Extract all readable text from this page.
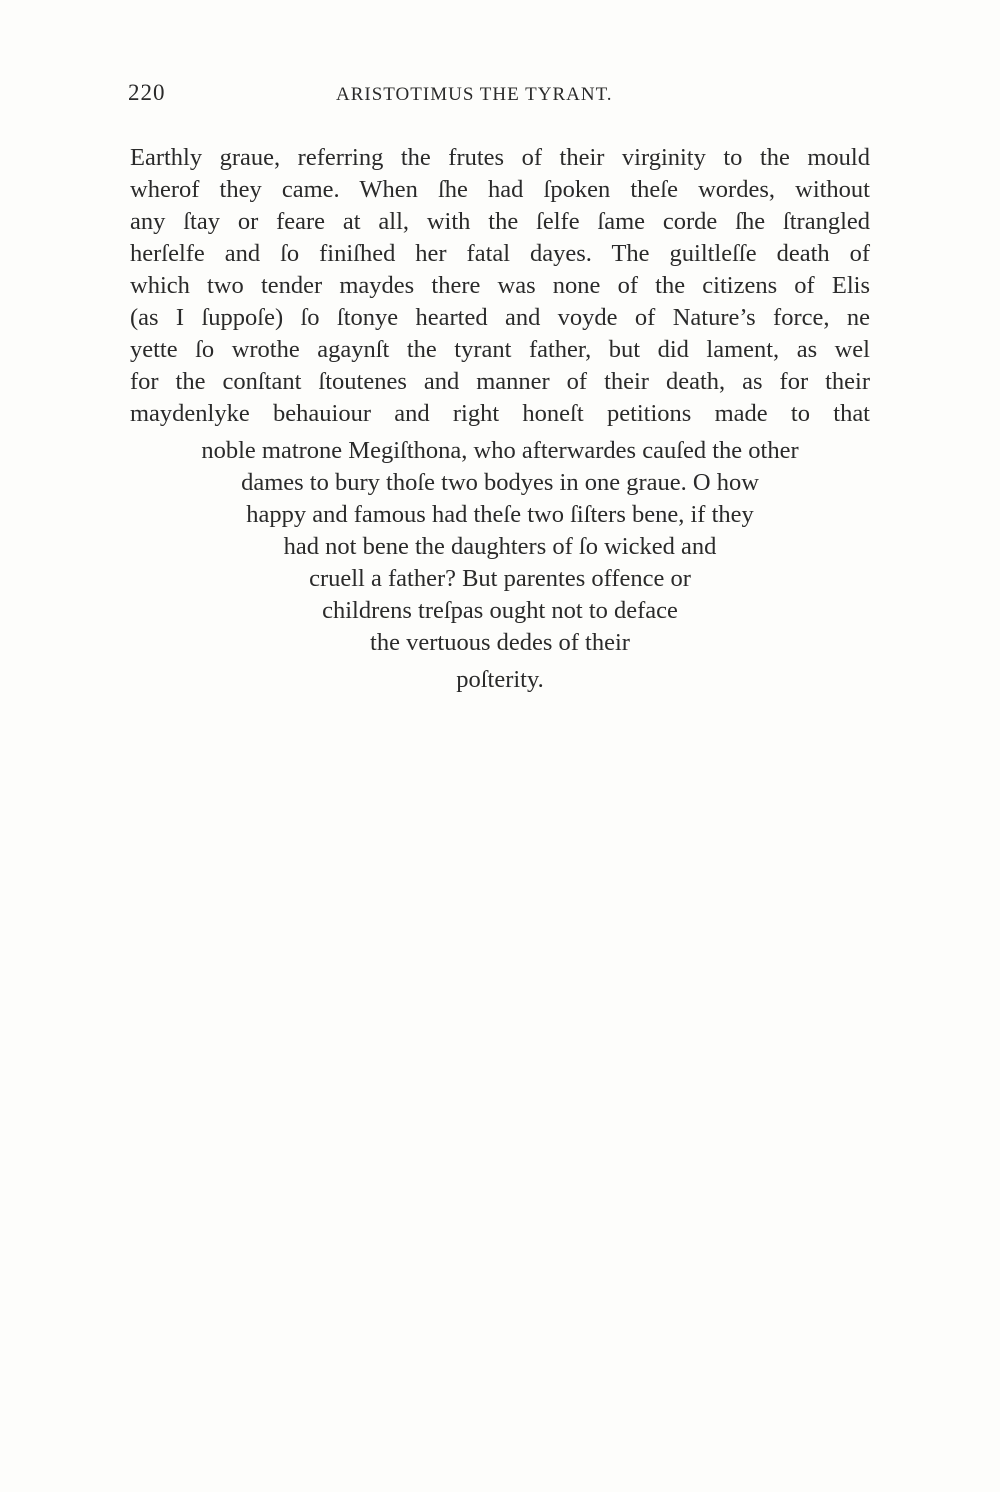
220	ARISTOTIMUS THE TYRANT.
Earthly graue, referring the frutes of their virginity to the mould
wherof they came. When ſhe had ſpoken theſe wordes, without
any ſtay or feare at all, with the ſelfe ſame corde ſhe ſtrangled
herſelfe and ſo finiſhed her fatal dayes. The guiltleſſe death of
which two tender maydes there was none of the citizens of Elis
(as I ſuppoſe) ſo ſtonye hearted and voyde of Nature’s force, ne
yette ſo wrothe agaynſt the tyrant father, but did lament, as wel
for the conſtant ſtoutenes and manner of their death, as for their
maydenlyke behauiour and right honeſt petitions made to that
noble matrone Megiſthona, who afterwardes cauſed the other
dames to bury thoſe two bodyes in one graue. O how
happy and famous had theſe two ſiſters bene, if they
had not bene the daughters of ſo wicked and
cruell a father? But parentes offence or
childrens treſpas ought not to deface
the vertuous dedes of their
poſterity.
